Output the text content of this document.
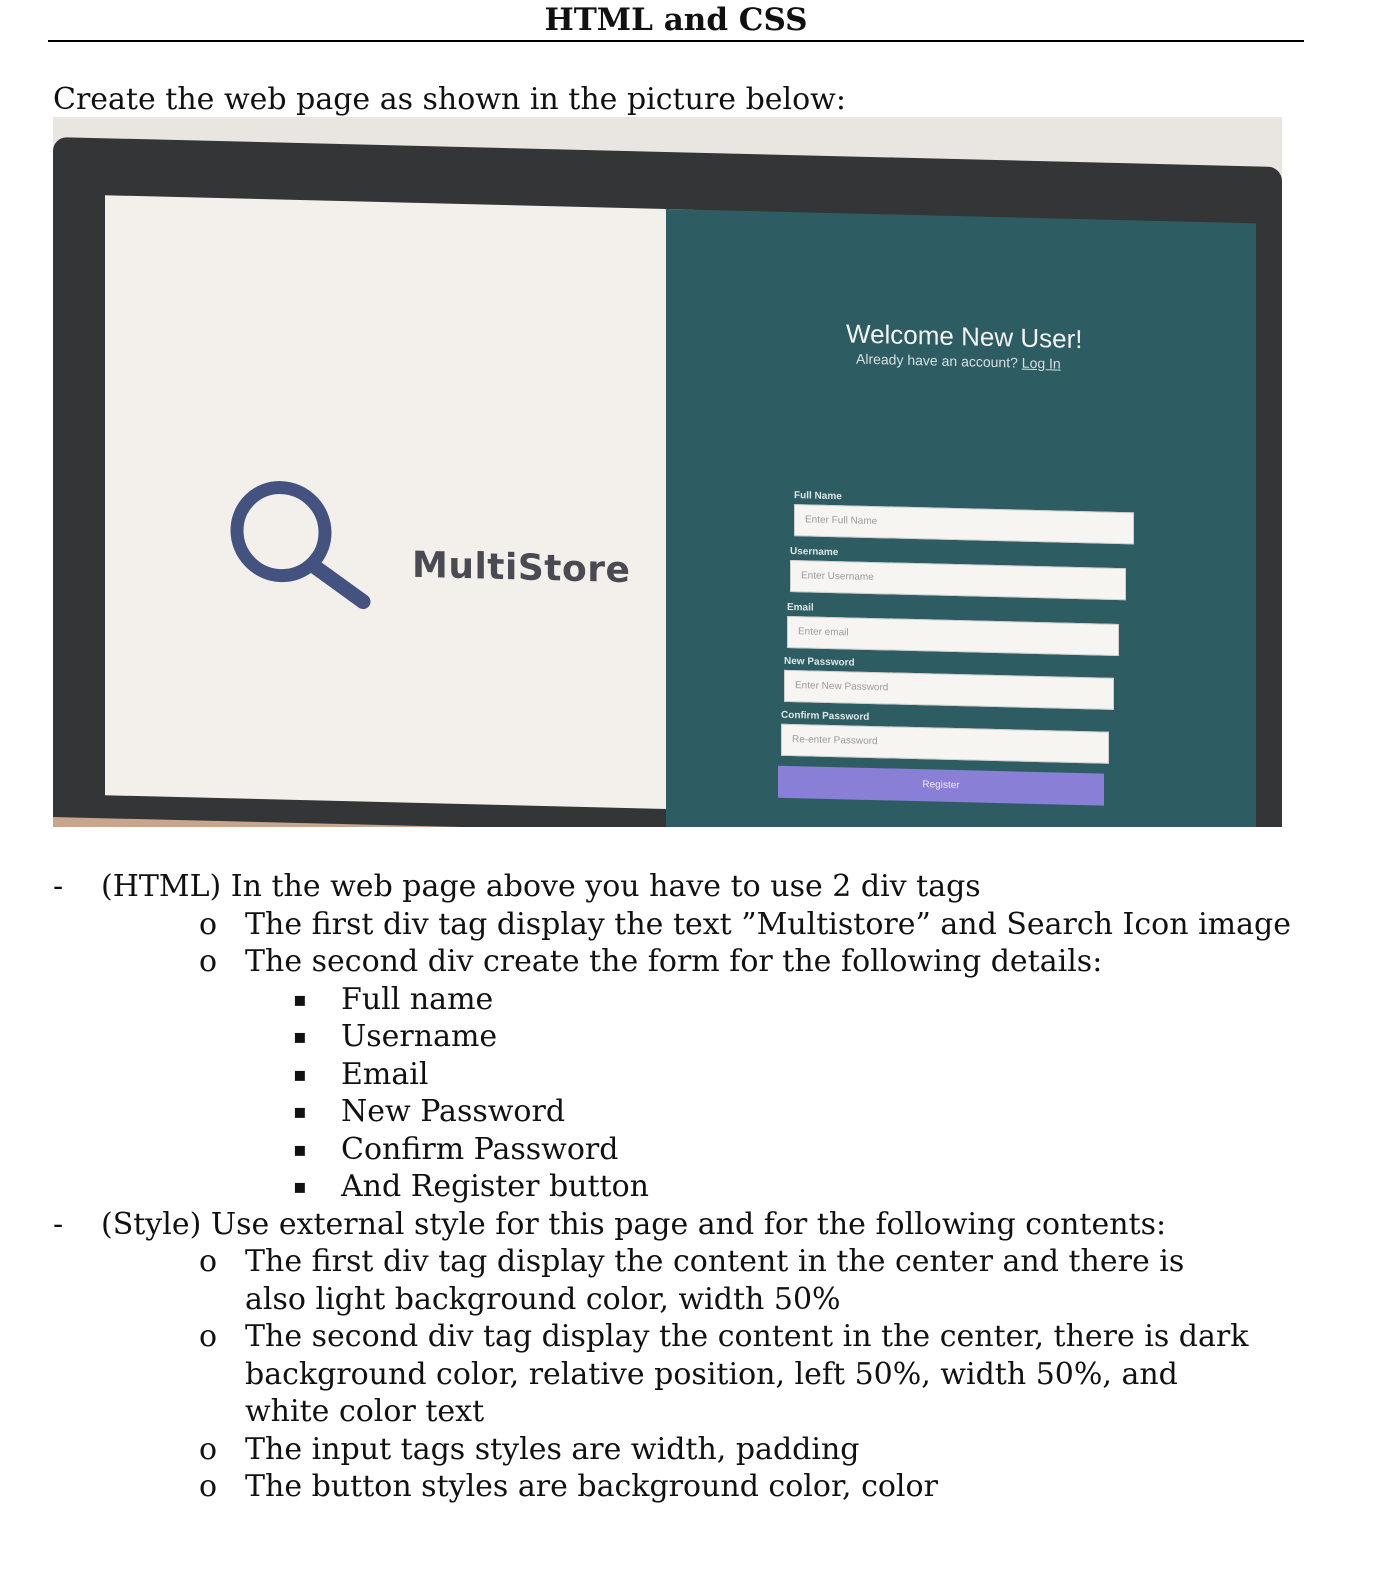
HTML and CSS
Create the web page as shown in the picture below:
MultiStore
Welcome New User!
Already have an account? Log In
Full Name
Enter Full Name
Username
Enter Username
Email
Enter email
New Password
Enter New Password
Confirm Password
Re-enter Password
Register
-	(HTML) In the web page above you have to use 2 div tags
o The first div tag display the text ”Multistore” and Search Icon image
o The second div create the form for the following details:
▪ Full name
▪ Username
▪ Email
▪ New Password
▪ Confirm Password
▪ And Register button
-	(Style) Use external style for this page and for the following contents:
o The first div tag display the content in the center and there is also light background color, width 50%
o The second div tag display the content in the center, there is dark background color, relative position, left 50%, width 50%, and white color text
o The input tags styles are width, padding
o The button styles are background color, color
